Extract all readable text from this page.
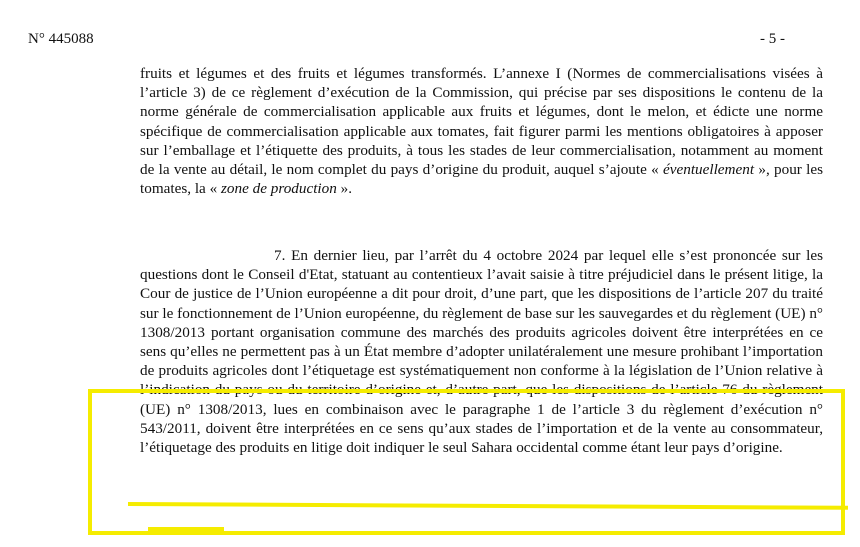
N° 445088	- 5 -

fruits et légumes et des fruits et légumes transformés. L’annexe I (Normes de commercialisations visées à l’article 3) de ce règlement d’exécution de la Commission, qui précise par ses dispositions le contenu de la norme générale de commercialisation applicable aux fruits et légumes, dont le melon, et édicte une norme spécifique de commercialisation applicable aux tomates, fait figurer parmi les mentions obligatoires à apposer sur l’emballage et l’étiquette des produits, à tous les stades de leur commercialisation, notamment au moment de la vente au détail, le nom complet du pays d’origine du produit, auquel s’ajoute « éventuellement », pour les tomates, la « zone de production ».

7. En dernier lieu, par l’arrêt du 4 octobre 2024 par lequel elle s’est prononcée sur les questions dont le Conseil d'Etat, statuant au contentieux l’avait saisie à titre préjudiciel dans le présent litige, la Cour de justice de l’Union européenne a dit pour droit, d’une part, que les dispositions de l’article 207 du traité sur le fonctionnement de l’Union européenne, du règlement de base sur les sauvegardes et du règlement (UE) n° 1308/2013 portant organisation commune des marchés des produits agricoles doivent être interprétées en ce sens qu’elles ne permettent pas à un État membre d’adopter unilatéralement une mesure prohibant l’importation de produits agricoles dont l’étiquetage est systématiquement non conforme à la législation de l’Union relative à l’indication du pays ou du territoire d’origine et, d’autre part, que les dispositions de l’article 76 du règlement (UE) n° 1308/2013, lues en combinaison avec le paragraphe 1 de l’article 3 du règlement d’exécution n° 543/2011, doivent être interprétées en ce sens qu’aux stades de l’importation et de la vente au consommateur, l’étiquetage des produits en litige doit indiquer le seul Sahara occidental comme étant leur pays d’origine.
